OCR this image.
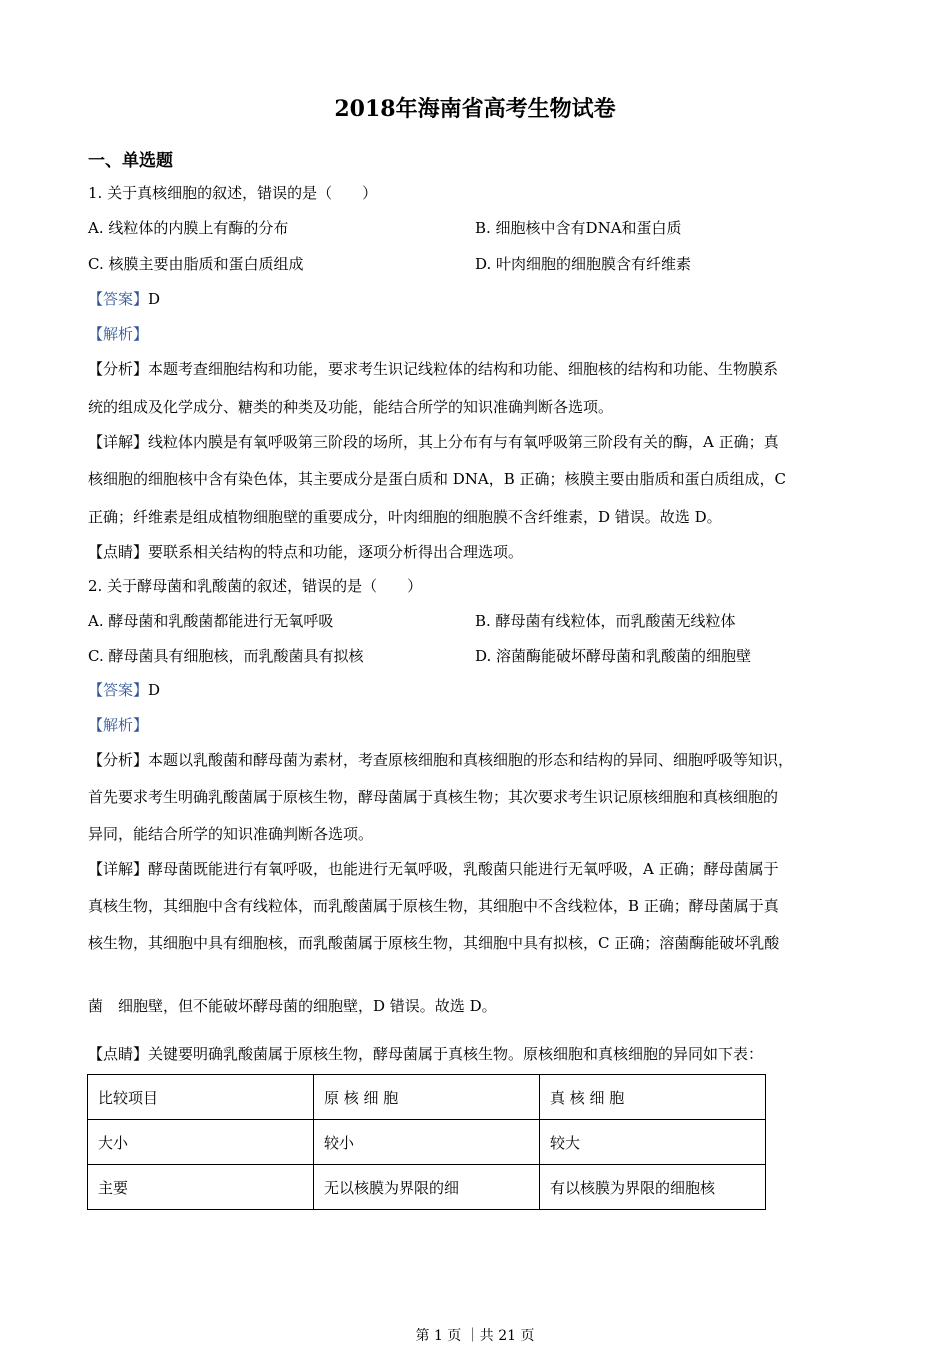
2018年海南省高考生物试卷
一、单选题
1. 关于真核细胞的叙述，错误的是（　　）
A. 线粒体的内膜上有酶的分布	B. 细胞核中含有DNA和蛋白质
C. 核膜主要由脂质和蛋白质组成	D. 叶肉细胞的细胞膜含有纤维素
【答案】D
【解析】
【分析】本题考查细胞结构和功能，要求考生识记线粒体的结构和功能、细胞核的结构和功能、生物膜系
统的组成及化学成分、糖类的种类及功能，能结合所学的知识准确判断各选项。
【详解】线粒体内膜是有氧呼吸第三阶段的场所，其上分布有与有氧呼吸第三阶段有关的酶，A 正确；真
核细胞的细胞核中含有染色体，其主要成分是蛋白质和 DNA，B 正确；核膜主要由脂质和蛋白质组成，C
正确；纤维素是组成植物细胞壁的重要成分，叶肉细胞的细胞膜不含纤维素，D 错误。故选 D。
【点睛】要联系相关结构的特点和功能，逐项分析得出合理选项。
2. 关于酵母菌和乳酸菌的叙述，错误的是（　　）
A. 酵母菌和乳酸菌都能进行无氧呼吸	B. 酵母菌有线粒体，而乳酸菌无线粒体
C. 酵母菌具有细胞核，而乳酸菌具有拟核	D. 溶菌酶能破坏酵母菌和乳酸菌的细胞壁
【答案】D
【解析】
【分析】本题以乳酸菌和酵母菌为素材，考查原核细胞和真核细胞的形态和结构的异同、细胞呼吸等知识，
首先要求考生明确乳酸菌属于原核生物，酵母菌属于真核生物；其次要求考生识记原核细胞和真核细胞的
异同，能结合所学的知识准确判断各选项。
【详解】酵母菌既能进行有氧呼吸，也能进行无氧呼吸，乳酸菌只能进行无氧呼吸，A 正确；酵母菌属于
真核生物，其细胞中含有线粒体，而乳酸菌属于原核生物，其细胞中不含线粒体，B 正确；酵母菌属于真
核生物，其细胞中具有细胞核，而乳酸菌属于原核生物，其细胞中具有拟核，C 正确；溶菌酶能破坏乳酸
菌　细胞壁，但不能破坏酵母菌的细胞壁，D 错误。故选 D。
【点睛】关键要明确乳酸菌属于原核生物，酵母菌属于真核生物。原核细胞和真核细胞的异同如下表：
比较项目	原 核 细 胞	真 核 细 胞
大小	较小	较大
主要	无以核膜为界限的细	有以核膜为界限的细胞核
第 1 页 ｜共 21 页
